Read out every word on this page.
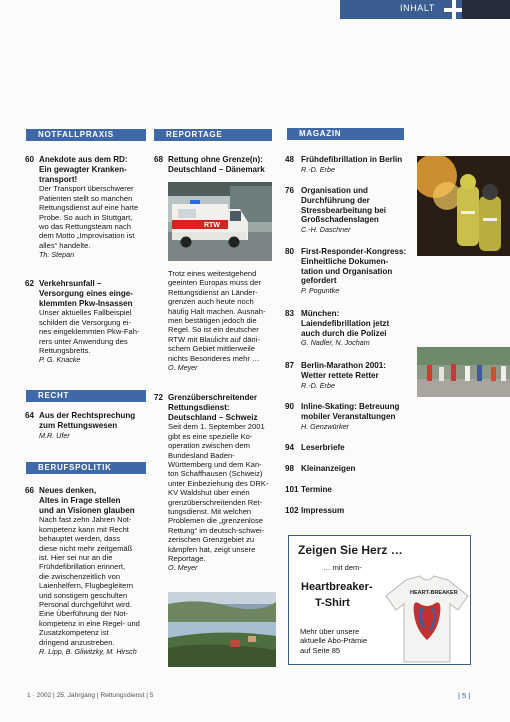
INHALT
NOTFALLPRAXIS	REPORTAGE	MAGAZIN
RECHT
BERUFSPOLITIK
60 Anekdote aus dem RD:
Ein gewagter Kranken-
transport!
Der Transport überschwerer
Patienten stellt so manchen
Rettungsdienst auf eine harte
Probe. So auch in Stuttgart,
wo das Rettungsteam nach
dem Motto „Improvisation ist
alles“ handelte.
Th. Stepan
62 Verkehrsunfall –
Versorgung eines einge-
klemmten Pkw-Insassen
Unser aktuelles Fallbeispiel
schildert die Versorgung ei-
nes eingeklemmten Pkw-Fah-
rers unter Anwendung des
Rettungsbretts.
P. G. Knacke
64 Aus der Rechtsprechung
zum Rettungswesen
M.R. Ufer
66 Neues denken,
Altes in Frage stellen
und an Visionen glauben
Nach fast zehn Jahren Not-
kompetenz kann mit Recht
behauptet werden, dass
diese nicht mehr zeitgemäß
ist. Hier sei nur an die
Frühdefibrillation erinnert,
die zwischenzeitlich von
Laienhelfern, Flugbegleitern
und sonstigem geschulten
Personal durchgeführt wird.
Eine Überführung der Not-
kompetenz in eine Regel- und
Zusatzkompetenz ist
dringend anzustreben.
R. Lipp, B. Gliwitzky, M. Hirsch
68 Rettung ohne Grenze(n):
Deutschland – Dänemark
RTW
Trotz eines weitestgehend
geeinten Europas muss der
Rettungsdienst an Länder-
grenzen auch heute noch
häufig Halt machen. Ausnah-
men bestätigen jedoch die
Regel. So ist ein deutscher
RTW mit Blaulicht auf däni-
schem Gebiet mittlerweile
nichts Besonderes mehr …
O. Meyer
72 Grenzüberschreitender
Rettungsdienst:
Deutschland – Schweiz
Seit dem 1. September 2001
gibt es eine spezielle Ko-
operation zwischen dem
Bundesland Baden-
Württemberg und dem Kan-
ton Schaffhausen (Schweiz)
unter Einbeziehung des DRK-
KV Waldshut über einen
grenzüberschreitenden Ret-
tungsdienst. Mit welchen
Problemen die „grenzenlose
Rettung“ im deutsch-schwei-
zerischen Grenzgebiet zu
kämpfen hat, zeigt unsere
Reportage.
O. Meyer
48 Frühdefibrillation in Berlin
R.-D. Erbe
76 Organisation und
Durchführung der
Stressbearbeitung bei
Großschadenslagen
C.-H. Daschner
80 First-Responder-Kongress:
Einheitliche Dokumen-
tation und Organisation
gefordert
P. Poguntke
83 München:
Laiendefibrillation jetzt
auch durch die Polizei
G. Nadler, N. Jocham
87 Berlin-Marathon 2001:
Wetter rettete Retter
R.-D. Erbe
90 Inline-Skating: Betreuung
mobiler Veranstaltungen
H. Genzwürker
94 Leserbriefe
98 Kleinanzeigen
101 Termine
102 Impressum
Zeigen Sie Herz …
… mit dem-
Heartbreaker-
T-Shirt
Mehr über unsere
aktuelle Abo-Prämie
auf Seite 85
HEART-BREAKER
1 · 2002 | 25. Jahrgang | Rettungsdienst | 5	| 5 |
